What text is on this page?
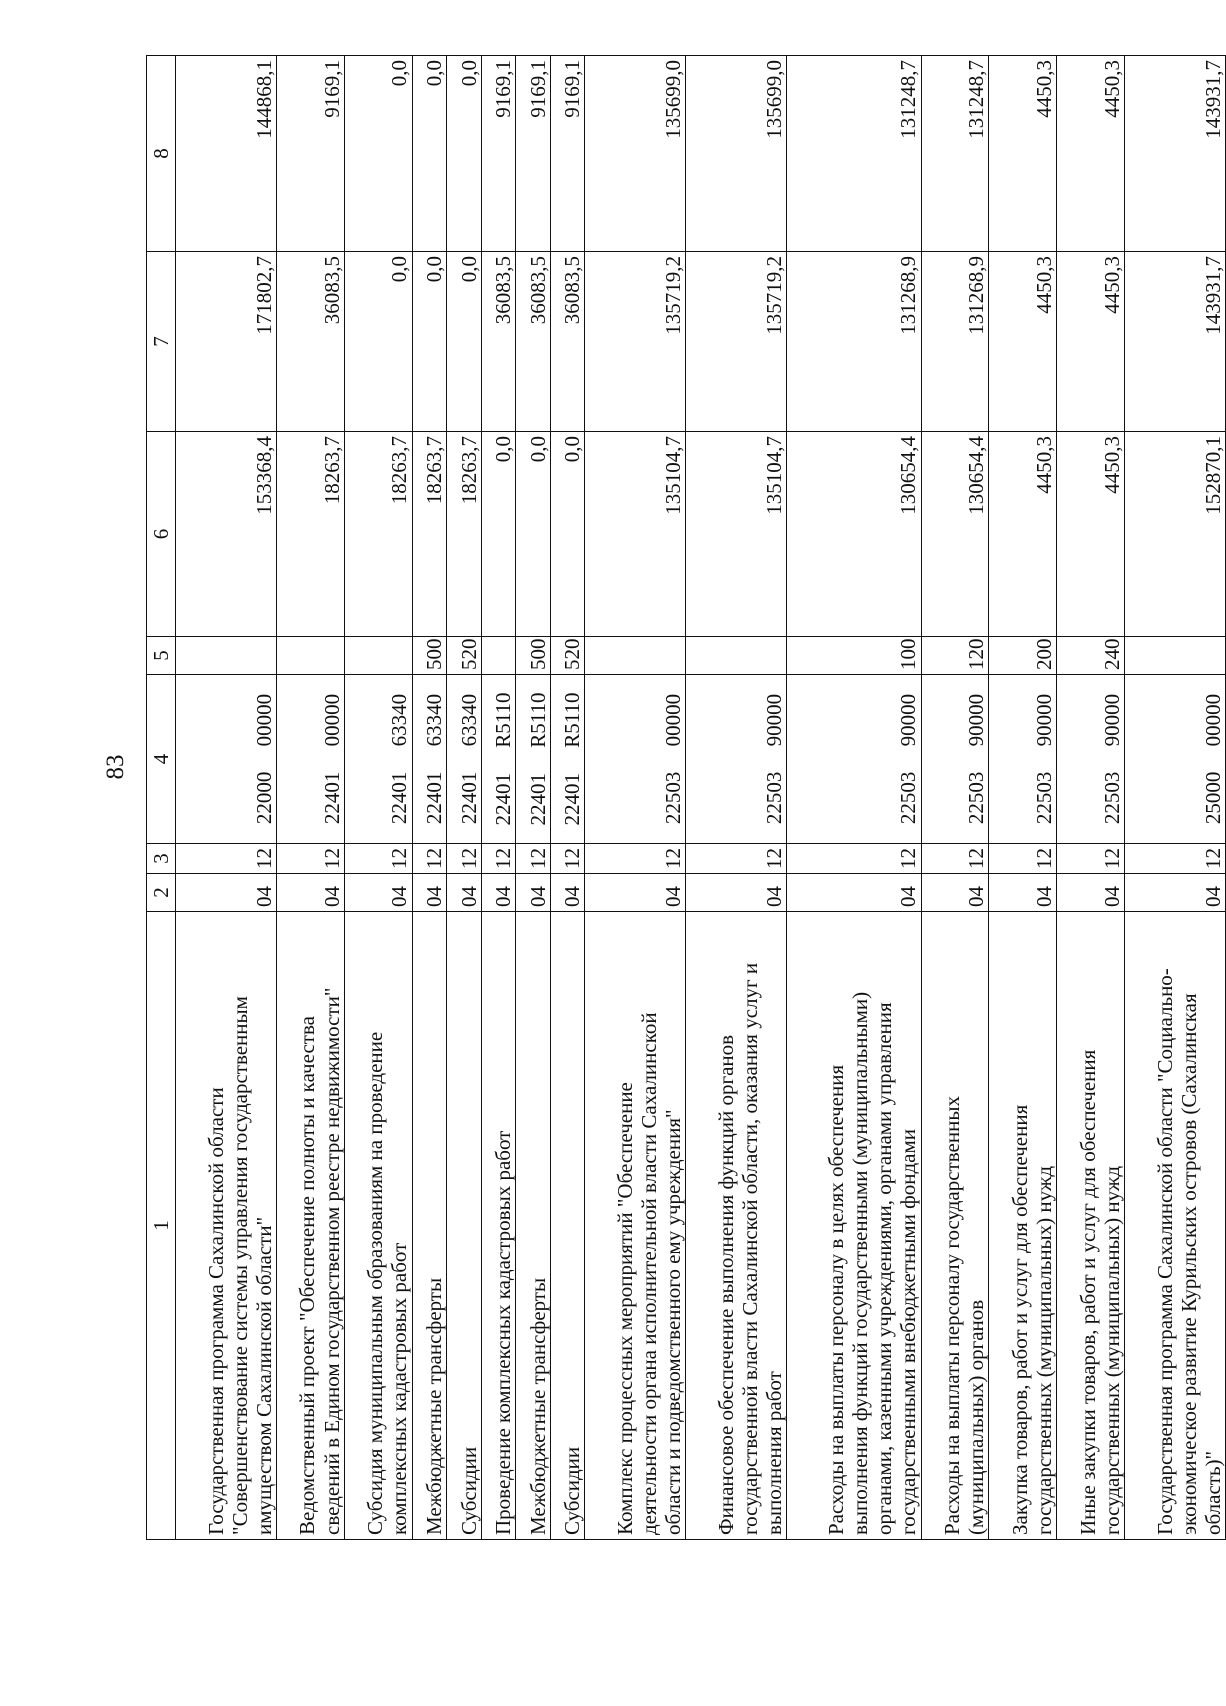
83
1	2	3	4	5	6	7	8

Государственная программа Сахалинской области "Совершенствование системы управления государственным имуществом Сахалинской области"	04	12	22000 00000		153368,4	171802,7	144868,1

Ведомственный проект "Обеспечение полноты и качества сведений в Едином государственном реестре недвижимости"	04	12	22401 00000		18263,7	36083,5	9169,1

Субсидия муниципальным образованиям на проведение комплексных кадастровых работ	04	12	22401 63340		18263,7	0,0	0,0

Межбюджетные трансферты	04	12	22401 63340	500	18263,7	0,0	0,0

Субсидии	04	12	22401 63340	520	18263,7	0,0	0,0

Проведение комплексных кадастровых работ	04	12	22401 R5110		0,0	36083,5	9169,1

Межбюджетные трансферты	04	12	22401 R5110	500	0,0	36083,5	9169,1

Субсидии	04	12	22401 R5110	520	0,0	36083,5	9169,1

Комплекс процессных мероприятий "Обеспечение деятельности органа исполнительной власти Сахалинской области и подведомственного ему учреждения"	04	12	22503 00000		135104,7	135719,2	135699,0

Финансовое обеспечение выполнения функций органов государственной власти Сахалинской области, оказания услуг и выполнения работ	04	12	22503 90000		135104,7	135719,2	135699,0

Расходы на выплаты персоналу в целях обеспечения выполнения функций государственными (муниципальными) органами, казенными учреждениями, органами управления государственными внебюджетными фондами	04	12	22503 90000	100	130654,4	131268,9	131248,7

Расходы на выплаты персоналу государственных (муниципальных) органов	04	12	22503 90000	120	130654,4	131268,9	131248,7

Закупка товаров, работ и услуг для обеспечения государственных (муниципальных) нужд	04	12	22503 90000	200	4450,3	4450,3	4450,3

Иные закупки товаров, работ и услуг для обеспечения государственных (муниципальных) нужд	04	12	22503 90000	240	4450,3	4450,3	4450,3

Государственная программа Сахалинской области "Социально- экономическое развитие Курильских островов (Сахалинская область)"	04	12	25000 00000		152870,1	143931,7	143931,7
